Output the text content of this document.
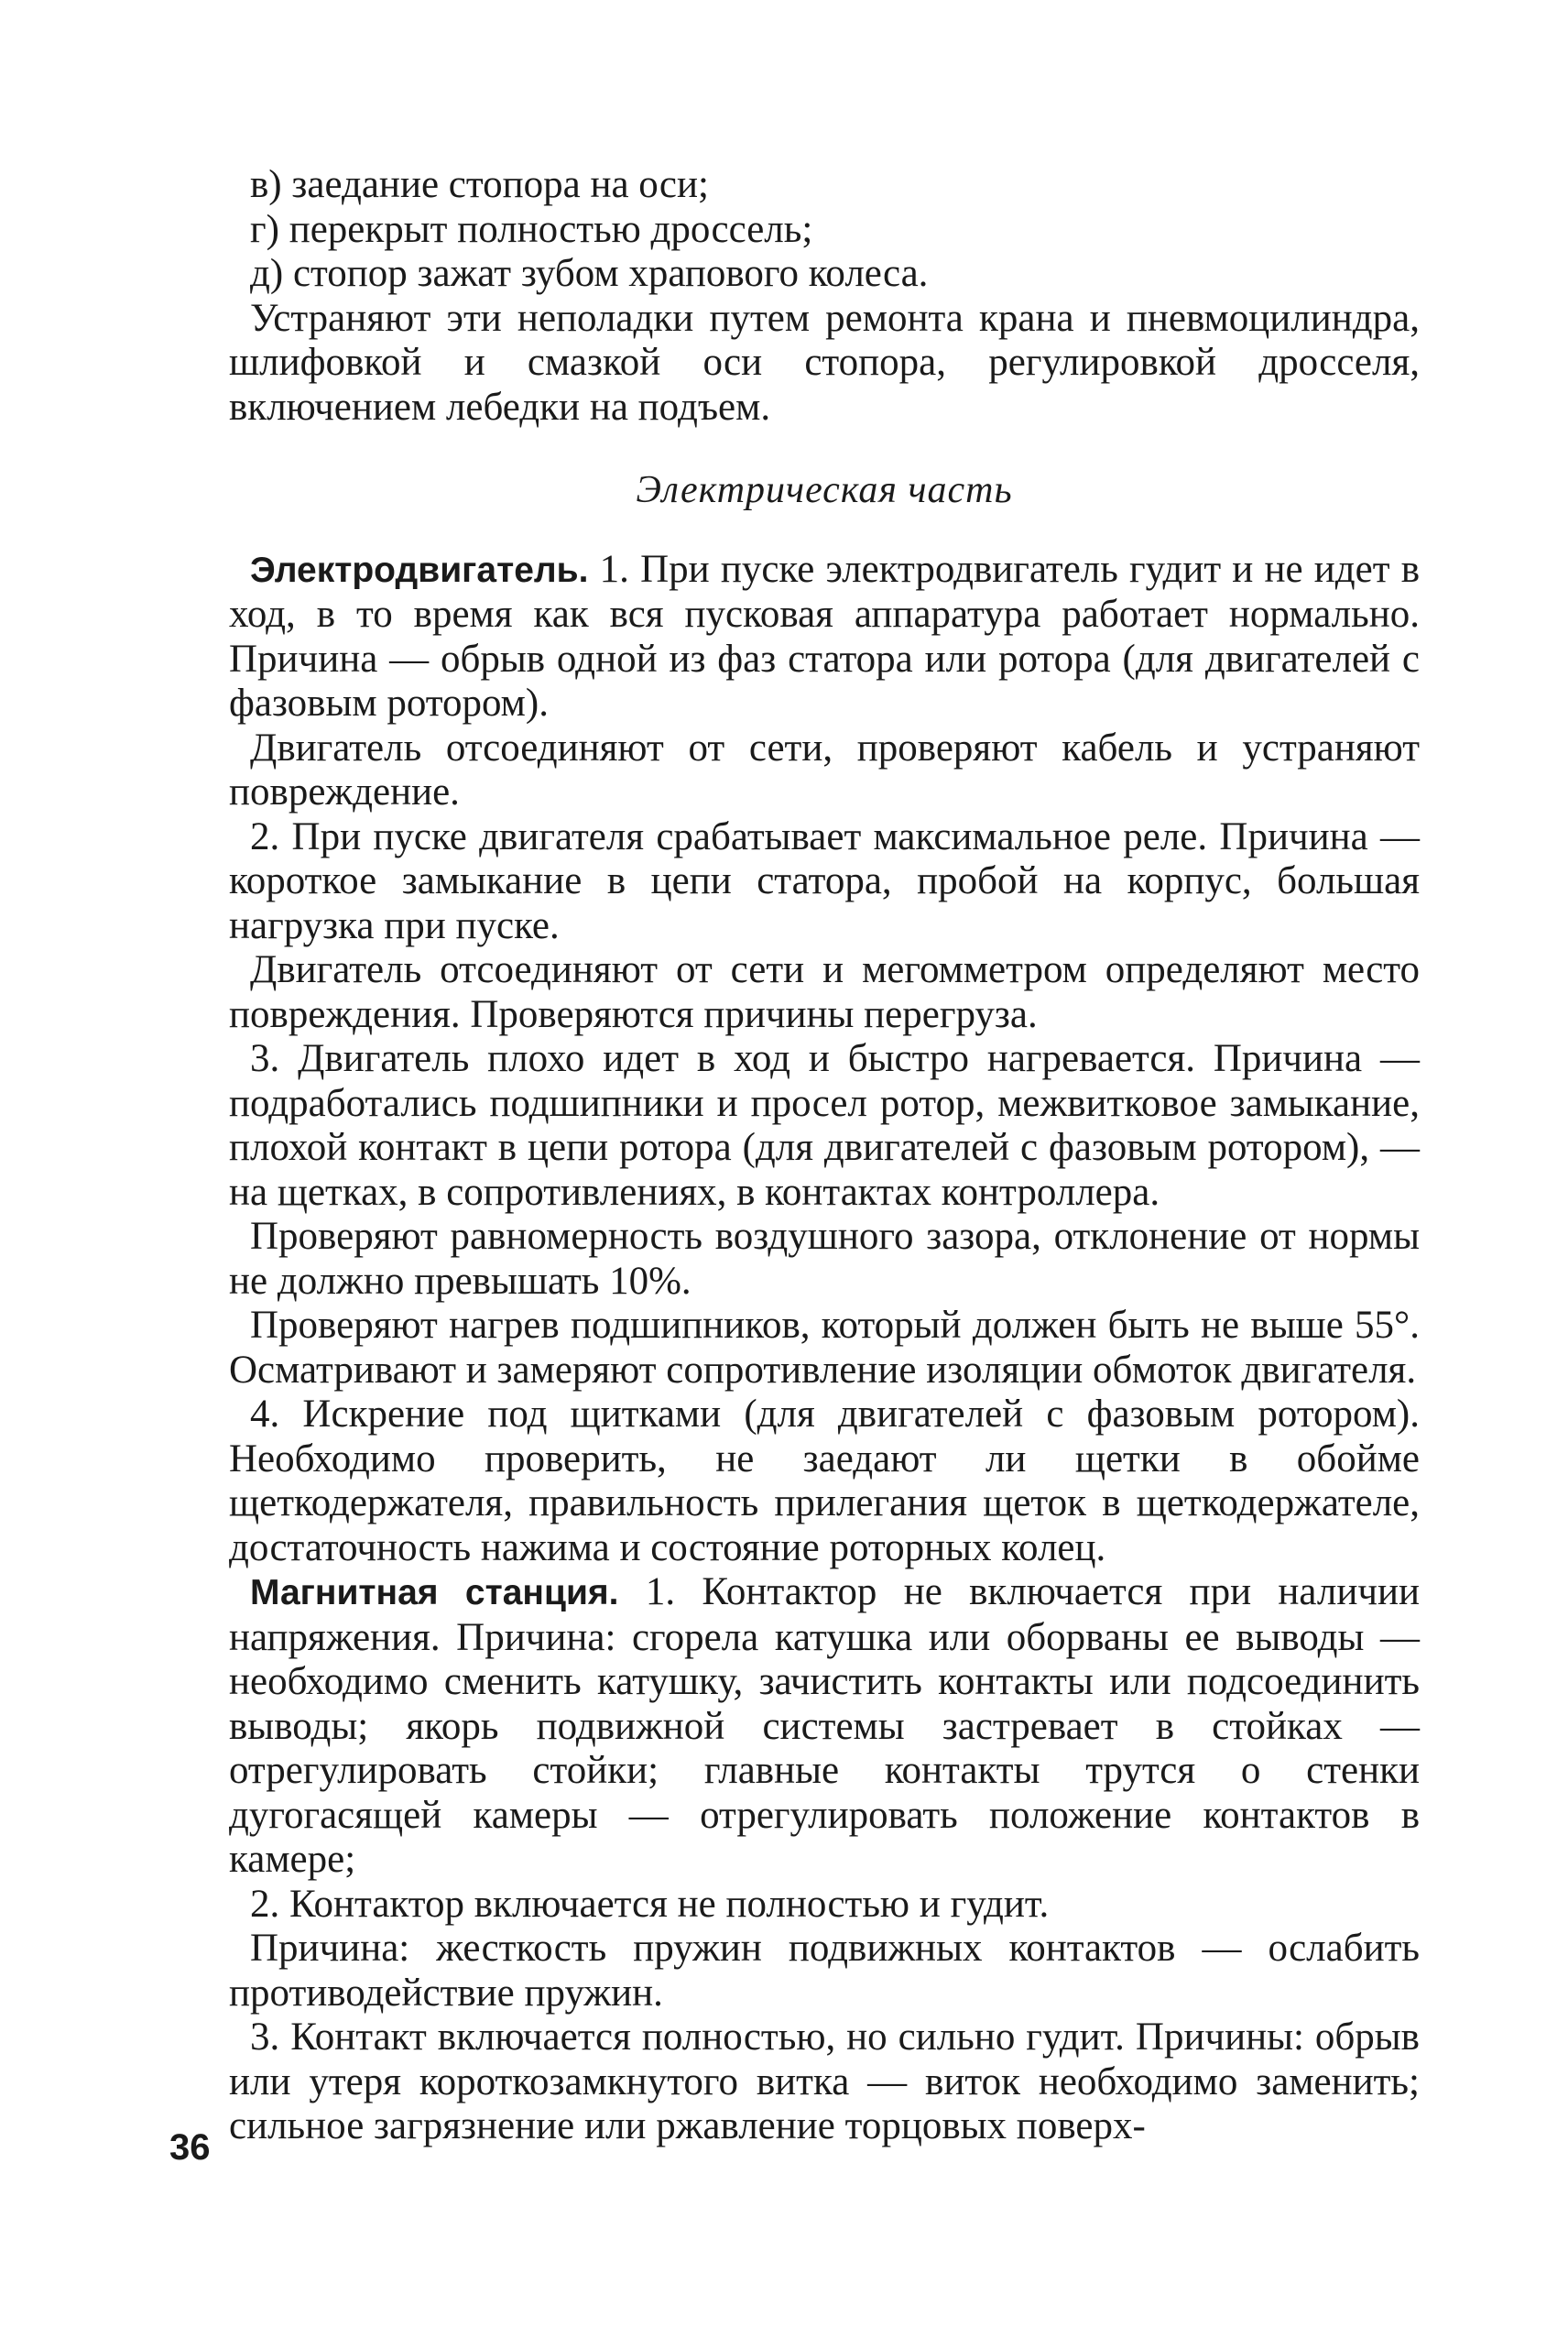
в) заедание стопора на оси;

г) перекрыт полностью дроссель;

д) стопор зажат зубом храпового колеса.

Устраняют эти неполадки путем ремонта крана и пневмоцилиндра, шлифовкой и смазкой оси стопора, регулировкой дросселя, включением лебедки на подъем.

Электрическая часть

Электродвигатель. 1. При пуске электродвигатель гудит и не идет в ход, в то время как вся пусковая аппаратура работает нормально. Причина — обрыв одной из фаз статора или ротора (для двигателей с фазовым ротором).

Двигатель отсоединяют от сети, проверяют кабель и устраняют повреждение.

2. При пуске двигателя срабатывает максимальное реле. Причина — короткое замыкание в цепи статора, пробой на корпус, большая нагрузка при пуске.

Двигатель отсоединяют от сети и мегомметром определяют место повреждения. Проверяются причины перегруза.

3. Двигатель плохо идет в ход и быстро нагревается. Причина — подработались подшипники и просел ротор, межвитковое замыкание, плохой контакт в цепи ротора (для двигателей с фазовым ротором), — на щетках, в сопротивлениях, в контактах контроллера.

Проверяют равномерность воздушного зазора, отклонение от нормы не должно превышать 10%.

Проверяют нагрев подшипников, который должен быть не выше 55°. Осматривают и замеряют сопротивление изоляции обмоток двигателя.

4. Искрение под щитками (для двигателей с фазовым ротором). Необходимо проверить, не заедают ли щетки в обойме щеткодержателя, правильность прилегания щеток в щеткодержателе, достаточность нажима и состояние роторных колец.

Магнитная станция. 1. Контактор не включается при наличии напряжения. Причина: сгорела катушка или оборваны ее выводы — необходимо сменить катушку, зачистить контакты или подсоединить выводы; якорь подвижной системы застревает в стойках — отрегулировать стойки; главные контакты трутся о стенки дугогасящей камеры — отрегулировать положение контактов в камере;

2. Контактор включается не полностью и гудит.

Причина: жесткость пружин подвижных контактов — ослабить противодействие пружин.

3. Контакт включается полностью, но сильно гудит. Причины: обрыв или утеря короткозамкнутого витка — виток необходимо заменить; сильное загрязнение или ржавление торцовых поверх-

36
